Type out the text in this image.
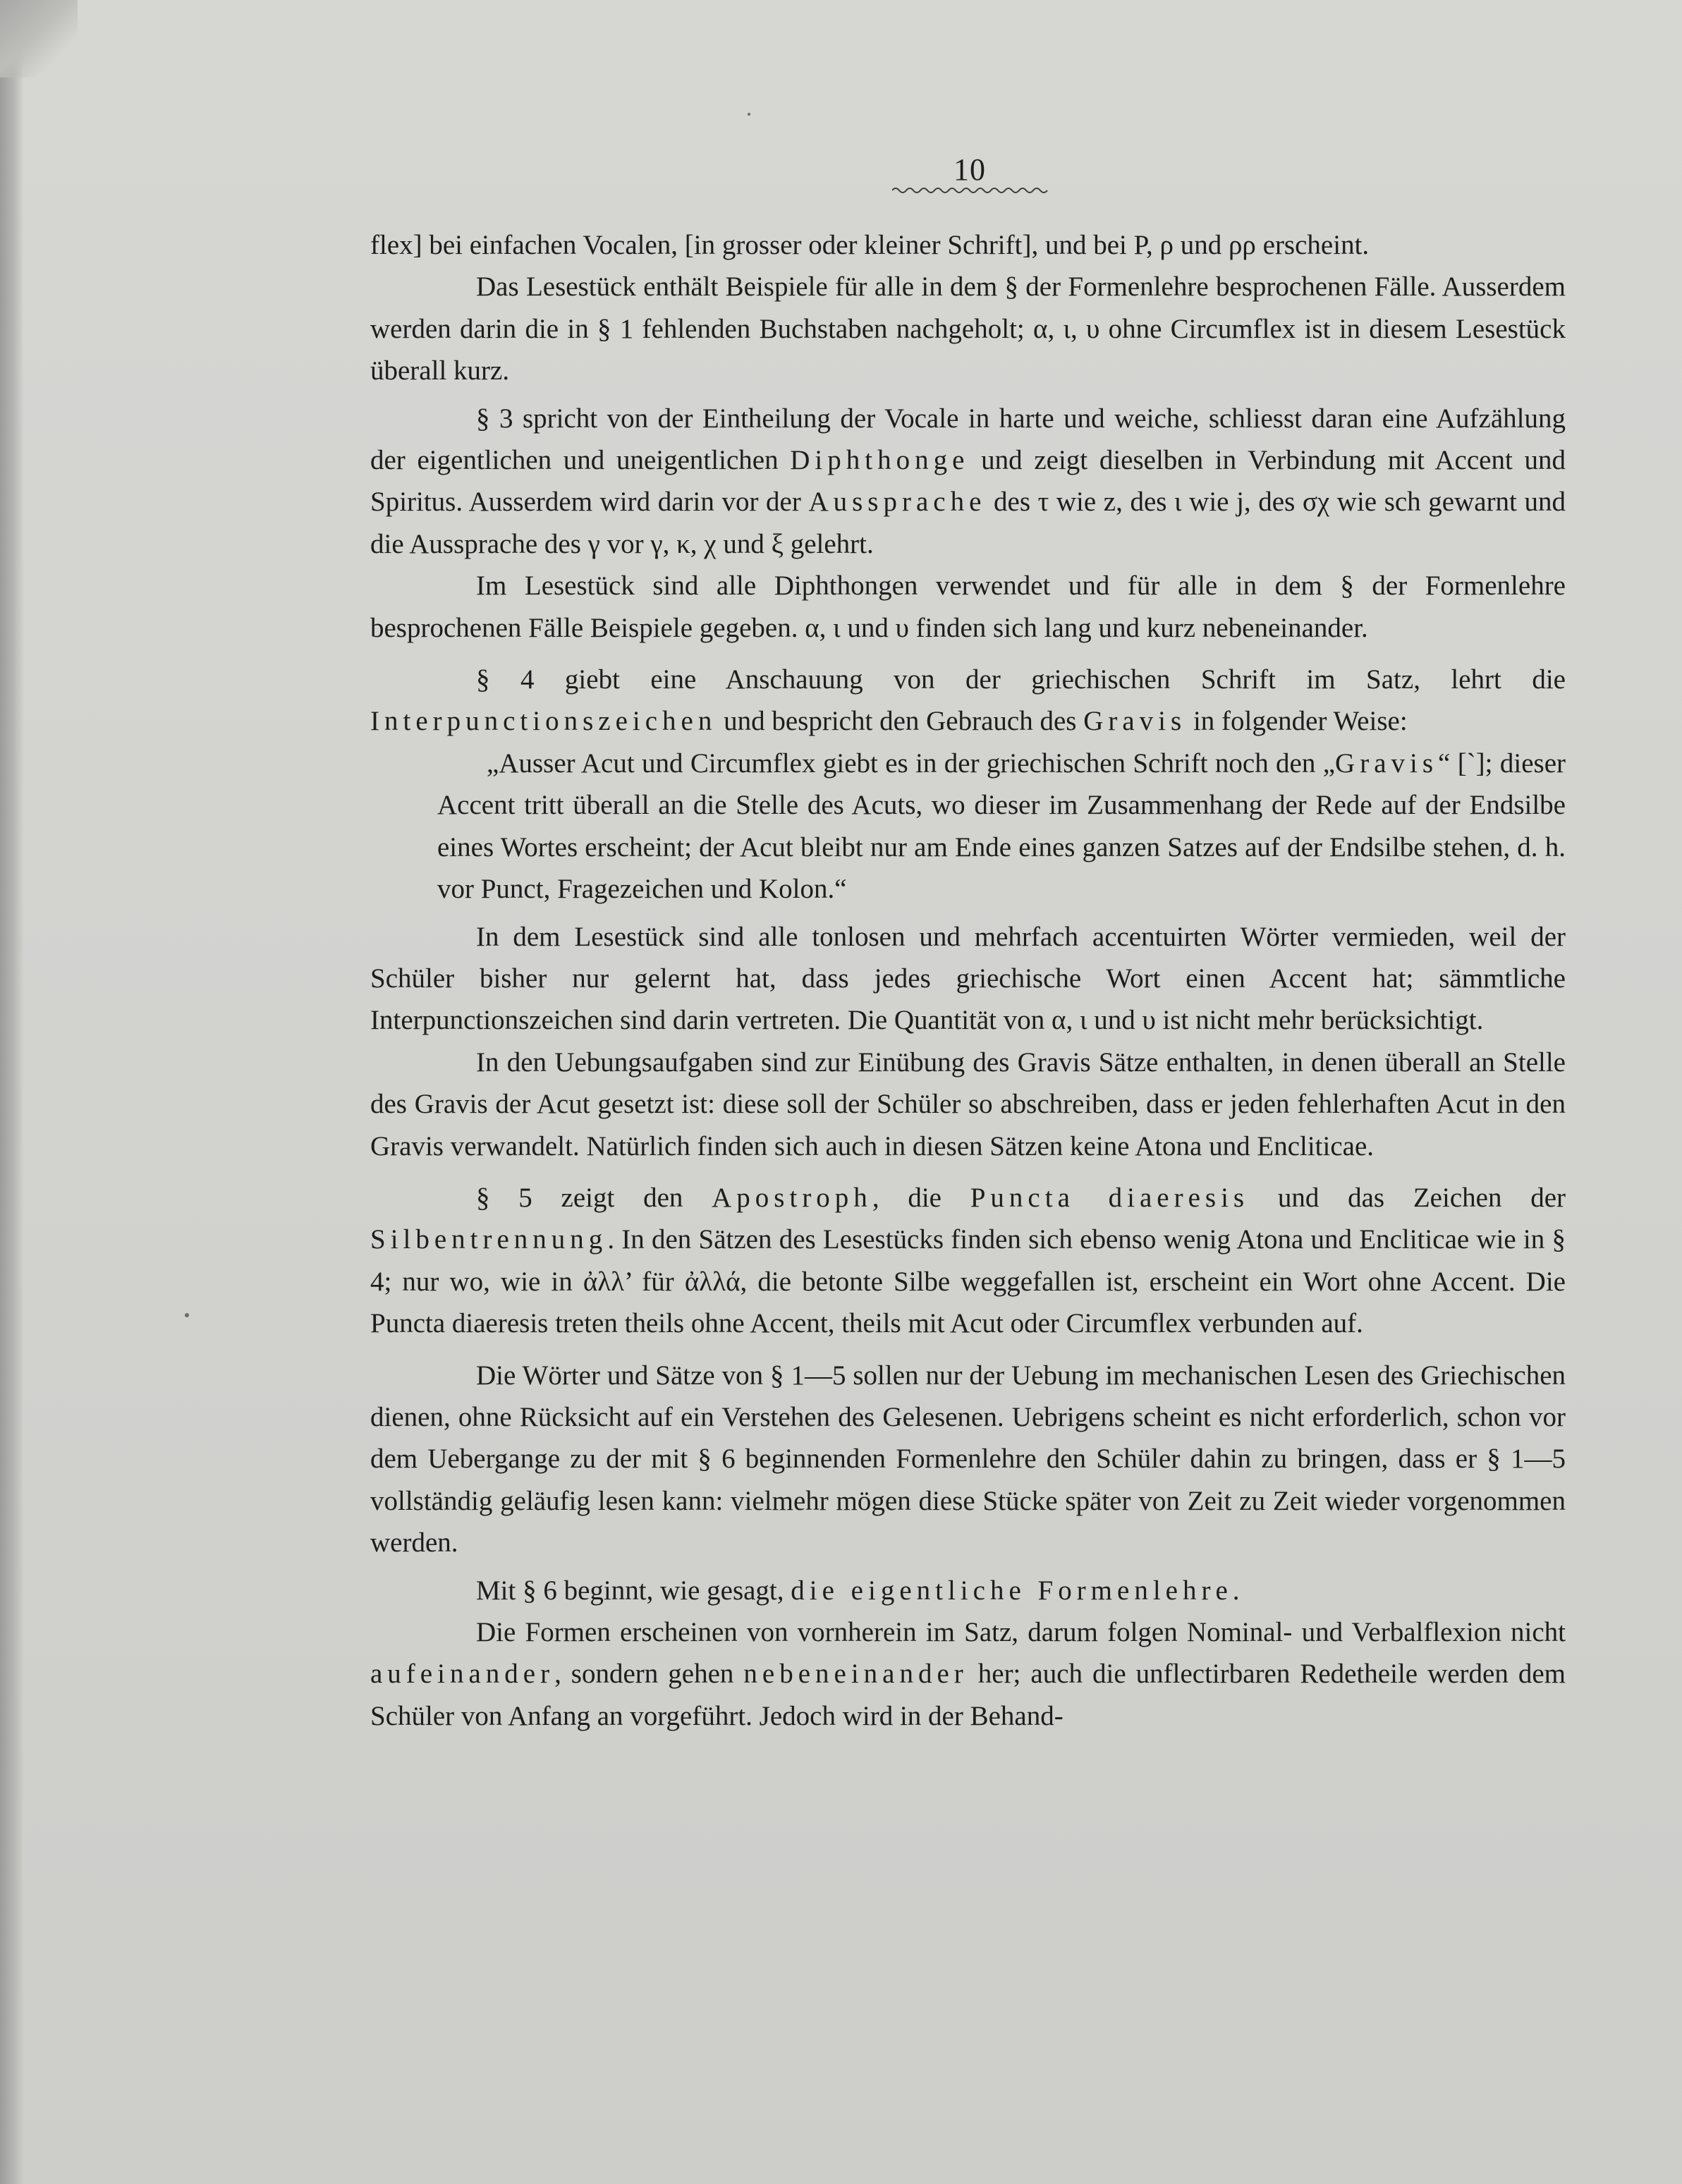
10

flex] bei einfachen Vocalen, [in grosser oder kleiner Schrift], und bei Ρ, ρ und ρρ erscheint.

Das Lesestück enthält Beispiele für alle in dem § der Formenlehre besprochenen Fälle. Ausserdem werden darin die in § 1 fehlenden Buchstaben nachgeholt; α, ι, υ ohne Circumflex ist in diesem Lesestück überall kurz.

§ 3 spricht von der Eintheilung der Vocale in harte und weiche, schliesst daran eine Aufzählung der eigentlichen und uneigentlichen Diphthonge und zeigt dieselben in Verbindung mit Accent und Spiritus. Ausserdem wird darin vor der Aussprache des τ wie z, des ι wie j, des σχ wie sch gewarnt und die Aussprache des γ vor γ, κ, χ und ξ gelehrt.

Im Lesestück sind alle Diphthongen verwendet und für alle in dem § der Formenlehre besprochenen Fälle Beispiele gegeben. α, ι und υ finden sich lang und kurz nebeneinander.

§ 4 giebt eine Anschauung von der griechischen Schrift im Satz, lehrt die Interpunctionszeichen und bespricht den Gebrauch des Gravis in folgender Weise:

„Ausser Acut und Circumflex giebt es in der griechischen Schrift noch den „Gravis“ [`]; dieser Accent tritt überall an die Stelle des Acuts, wo dieser im Zusammenhang der Rede auf der Endsilbe eines Wortes erscheint; der Acut bleibt nur am Ende eines ganzen Satzes auf der Endsilbe stehen, d. h. vor Punct, Fragezeichen und Kolon.“

In dem Lesestück sind alle tonlosen und mehrfach accentuirten Wörter vermieden, weil der Schüler bisher nur gelernt hat, dass jedes griechische Wort einen Accent hat; sämmtliche Interpunctionszeichen sind darin vertreten. Die Quantität von α, ι und υ ist nicht mehr berücksichtigt.

In den Uebungsaufgaben sind zur Einübung des Gravis Sätze enthalten, in denen überall an Stelle des Gravis der Acut gesetzt ist: diese soll der Schüler so abschreiben, dass er jeden fehlerhaften Acut in den Gravis verwandelt. Natürlich finden sich auch in diesen Sätzen keine Atona und Encliticae.

§ 5 zeigt den Apostroph, die Puncta diaeresis und das Zeichen der Silbentrennung. In den Sätzen des Lesestücks finden sich ebenso wenig Atona und Encliticae wie in § 4; nur wo, wie in ἀλλ’ für ἀλλά, die betonte Silbe weggefallen ist, erscheint ein Wort ohne Accent. Die Puncta diaeresis treten theils ohne Accent, theils mit Acut oder Circumflex verbunden auf.

Die Wörter und Sätze von § 1—5 sollen nur der Uebung im mechanischen Lesen des Griechischen dienen, ohne Rücksicht auf ein Verstehen des Gelesenen. Uebrigens scheint es nicht erforderlich, schon vor dem Uebergange zu der mit § 6 beginnenden Formenlehre den Schüler dahin zu bringen, dass er § 1—5 vollständig geläufig lesen kann: vielmehr mögen diese Stücke später von Zeit zu Zeit wieder vorgenommen werden.

Mit § 6 beginnt, wie gesagt, die eigentliche Formenlehre.

Die Formen erscheinen von vornherein im Satz, darum folgen Nominal- und Verbalflexion nicht aufeinander, sondern gehen nebeneinander her; auch die unflectirbaren Redetheile werden dem Schüler von Anfang an vorgeführt. Jedoch wird in der Behand-
